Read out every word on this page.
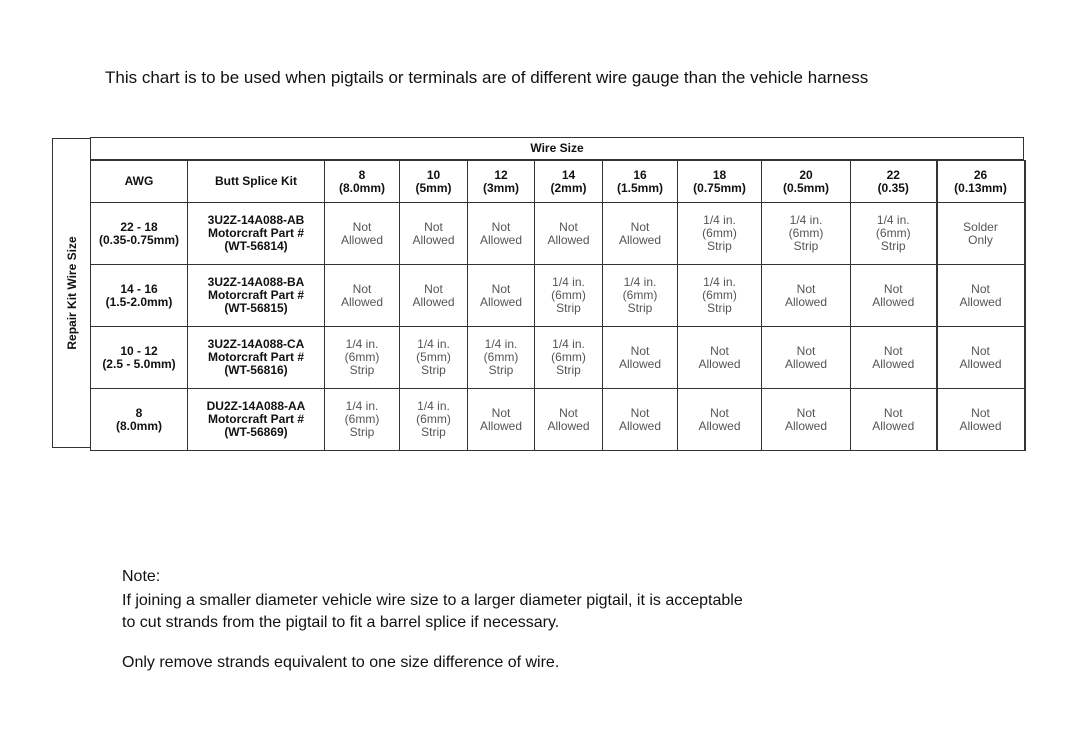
This chart is to be used when pigtails or terminals are of different wire gauge than the vehicle harness
Repair Kit Wire Size
Wire Size
AWG	Butt Splice Kit	8
(8.0mm)	10
(5mm)	12
(3mm)	14
(2mm)	16
(1.5mm)	18
(0.75mm)	20
(0.5mm)	22
(0.35)	26
(0.13mm)

22 - 18
(0.35-0.75mm)	3U2Z-14A088-AB
Motorcraft Part #
(WT-56814)	Not
Allowed	Not
Allowed	Not
Allowed	Not
Allowed	Not
Allowed	1/4 in.
(6mm)
Strip	1/4 in.
(6mm)
Strip	1/4 in.
(6mm)
Strip	Solder
Only

14 - 16
(1.5-2.0mm)	3U2Z-14A088-BA
Motorcraft Part #
(WT-56815)	Not
Allowed	Not
Allowed	Not
Allowed	1/4 in.
(6mm)
Strip	1/4 in.
(6mm)
Strip	1/4 in.
(6mm)
Strip	Not
Allowed	Not
Allowed	Not
Allowed

10 - 12
(2.5 - 5.0mm)	3U2Z-14A088-CA
Motorcraft Part #
(WT-56816)	1/4 in.
(6mm)
Strip	1/4 in.
(5mm)
Strip	1/4 in.
(6mm)
Strip	1/4 in.
(6mm)
Strip	Not
Allowed	Not
Allowed	Not
Allowed	Not
Allowed	Not
Allowed

8
(8.0mm)	DU2Z-14A088-AA
Motorcraft Part #
(WT-56869)	1/4 in.
(6mm)
Strip	1/4 in.
(6mm)
Strip	Not
Allowed	Not
Allowed	Not
Allowed	Not
Allowed	Not
Allowed	Not
Allowed	Not
Allowed
Note:
If joining a smaller diameter vehicle wire size to a larger diameter pigtail, it is acceptable
to cut strands from the pigtail to fit a barrel splice if necessary.
Only remove strands equivalent to one size difference of wire.
